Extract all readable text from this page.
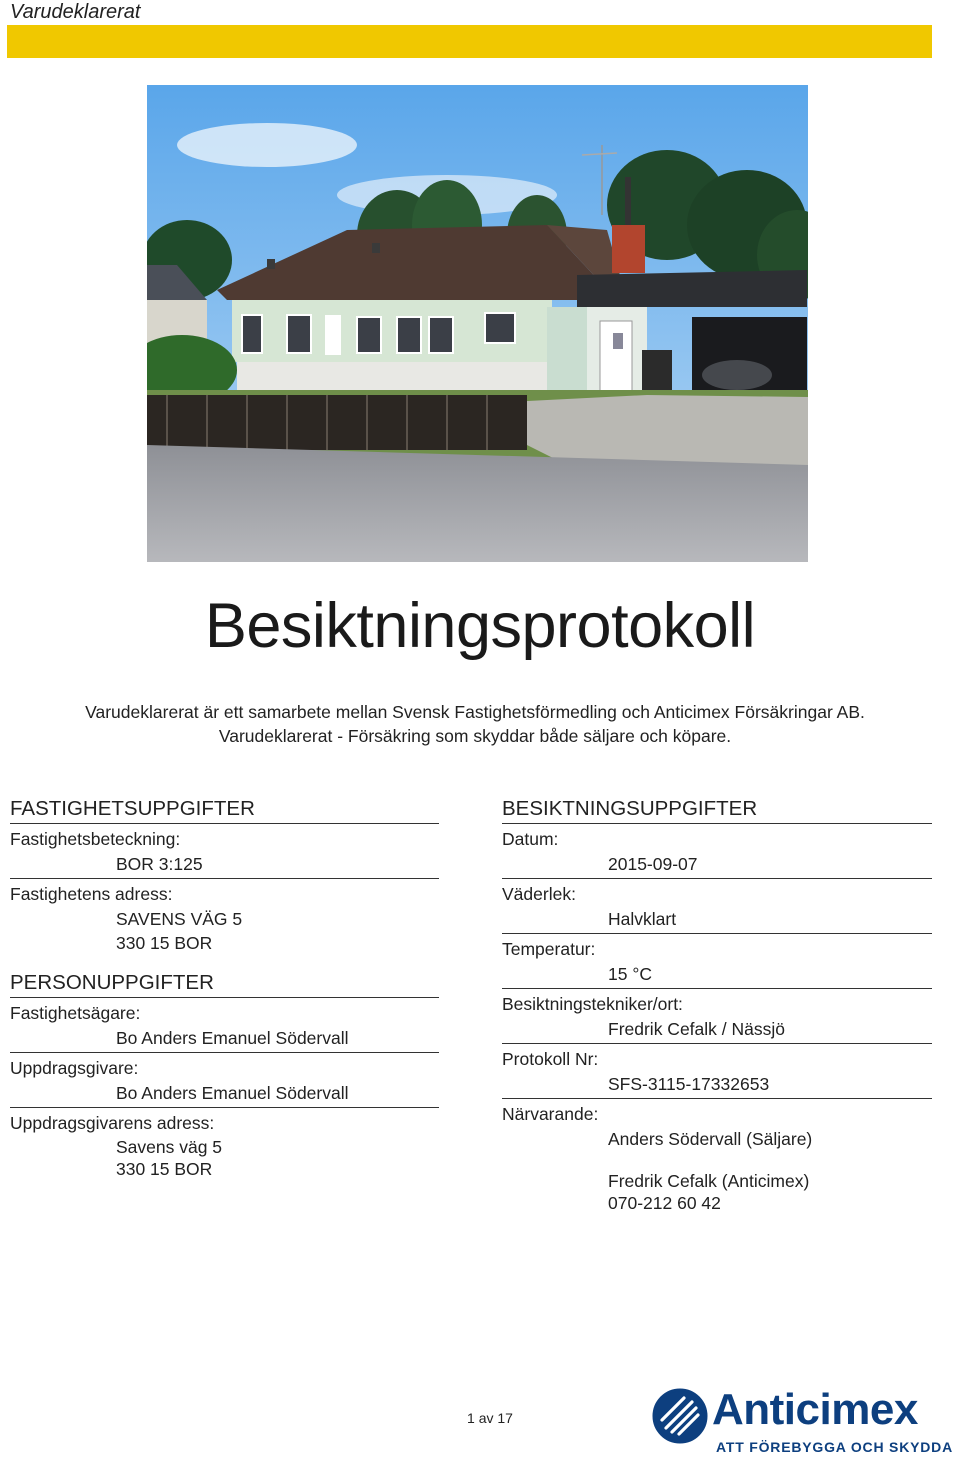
Varudeklarerat
Besiktningsprotokoll
Varudeklarerat är ett samarbete mellan Svensk Fastighetsförmedling och Anticimex Försäkringar AB.
Varudeklarerat - Försäkring som skyddar både säljare och köpare.
FASTIGHETSUPPGIFTER
Fastighetsbeteckning:
BOR 3:125
Fastighetens adress:
SAVENS VÄG 5
330 15 BOR
PERSONUPPGIFTER
Fastighetsägare:
Bo Anders Emanuel Södervall
Uppdragsgivare:
Bo Anders Emanuel Södervall
Uppdragsgivarens adress:
Savens väg 5
330 15 BOR
BESIKTNINGSUPPGIFTER
Datum:
2015-09-07
Väderlek:
Halvklart
Temperatur:
15 °C
Besiktningstekniker/ort:
Fredrik Cefalk / Nässjö
Protokoll Nr:
SFS-3115-17332653
Närvarande:
Anders Södervall (Säljare)
Fredrik Cefalk (Anticimex)
070-212 60 42
1 av 17	Anticimex
ATT FÖREBYGGA OCH SKYDDA
